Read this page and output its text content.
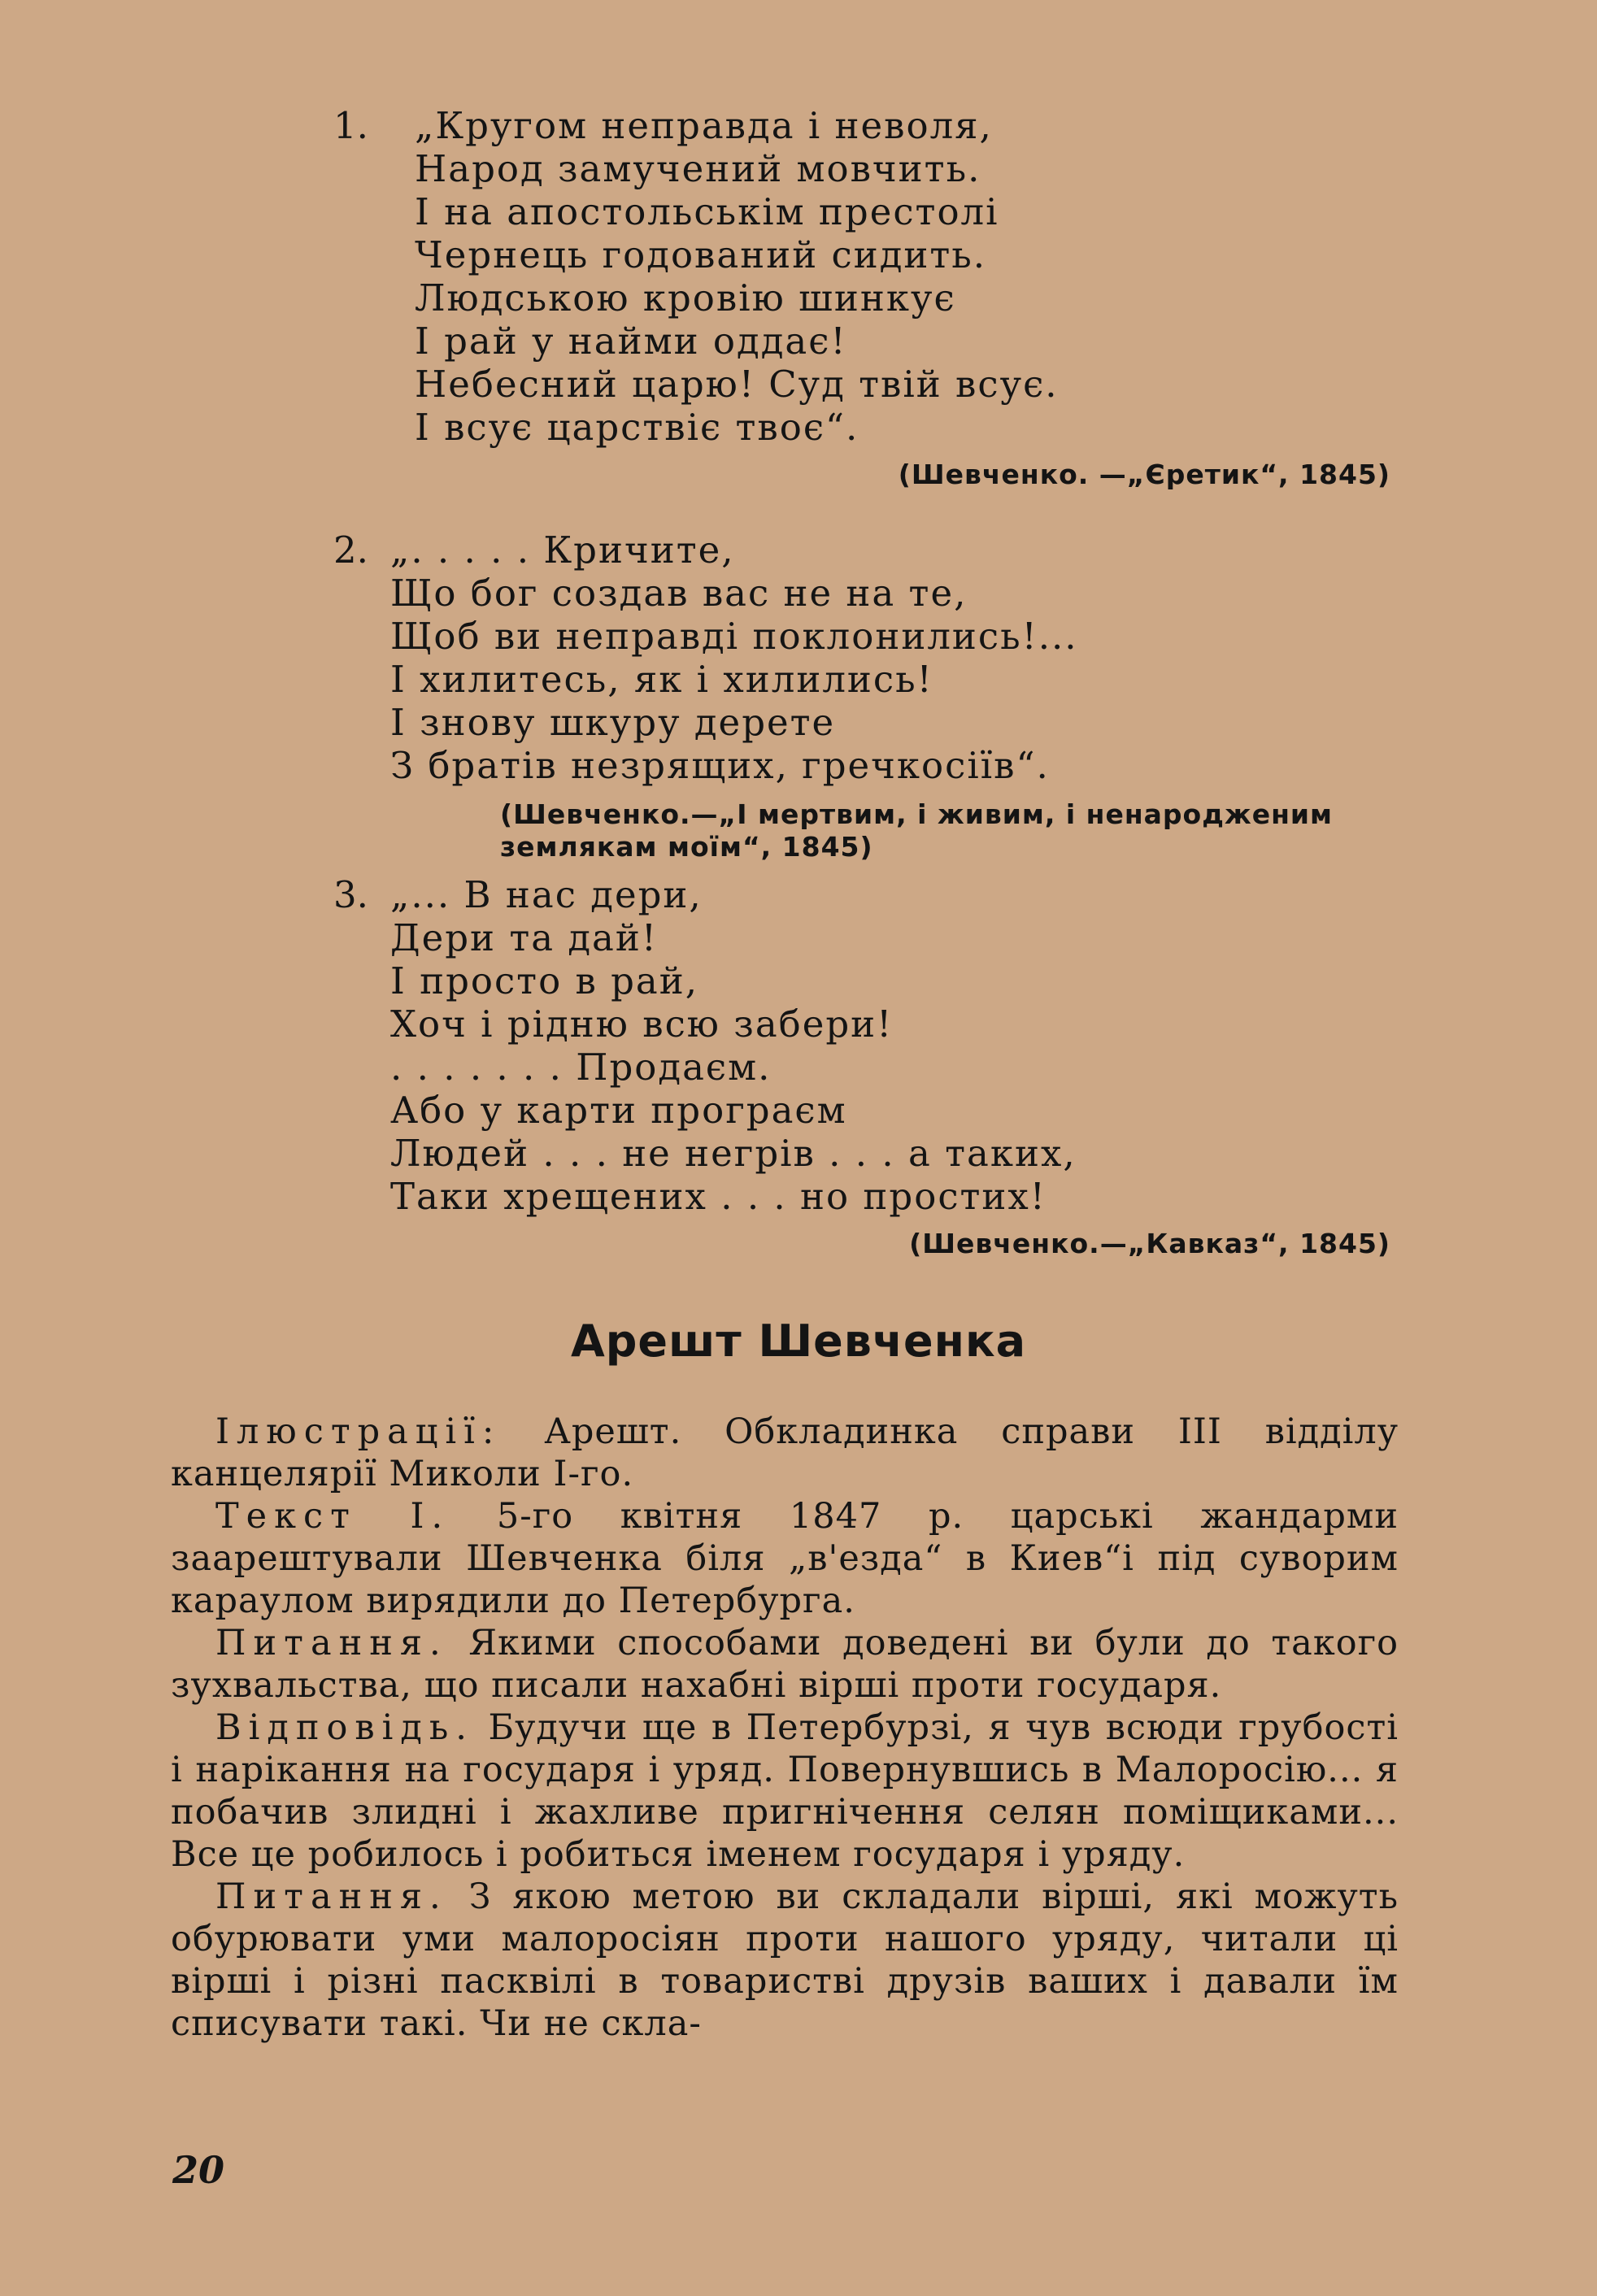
1.	„Кругом неправда і неволя,
Народ замучений мовчить.
І на апостольськім престолі
Чернець годований сидить.
Людською кровію шинкує
І рай у найми оддає!
Небесний царю! Суд твій всує.
І всує царствіє твоє“.
(Шевченко. —„Єретик“, 1845)
2. „. . . . . Кричите,
Що бог создав вас не на те,
Щоб ви неправді поклонились!...
І хилитесь, як і хилились!
І знову шкуру дерете
З братів незрящих, гречкосіїв“.
(Шевченко.—„І мертвим, і живим, і ненародженим землякам моїм“, 1845)
3. „... В нас дери,
Дери та дай!
І просто в рай,
Хоч і рідню всю забери!
. . . . . . . Продаєм.
Або у карти програєм
Людей . . . не негрів . . . а таких,
Таки хрещених . . . но простих!
(Шевченко.—„Кавказ“, 1845)
Арешт Шевченка

Ілюстрації: Арешт. Обкладинка справи ІІІ відділу канцелярії Миколи І-го.

Текст І. 5-го квітня 1847 р. царські жандарми заарештували Шевченка біля „в'езда“ в Киев“і під суворим караулом вирядили до Петербурга.

Питання. Якими способами доведені ви були до такого зухвальства, що писали нахабні вірші проти государя.

Відповідь. Будучи ще в Петербурзі, я чув всюди грубості і нарікання на государя і уряд. Повернувшись в Малоросію... я побачив злидні і жахливе пригнічення селян поміщиками... Все це робилось і робиться іменем государя і уряду.

Питання. З якою метою ви складали вірші, які можуть обурювати уми малоросіян проти нашого уряду, читали ці вірші і різні пасквілі в товаристві друзів ваших і давали їм списувати такі. Чи не скла-

20
